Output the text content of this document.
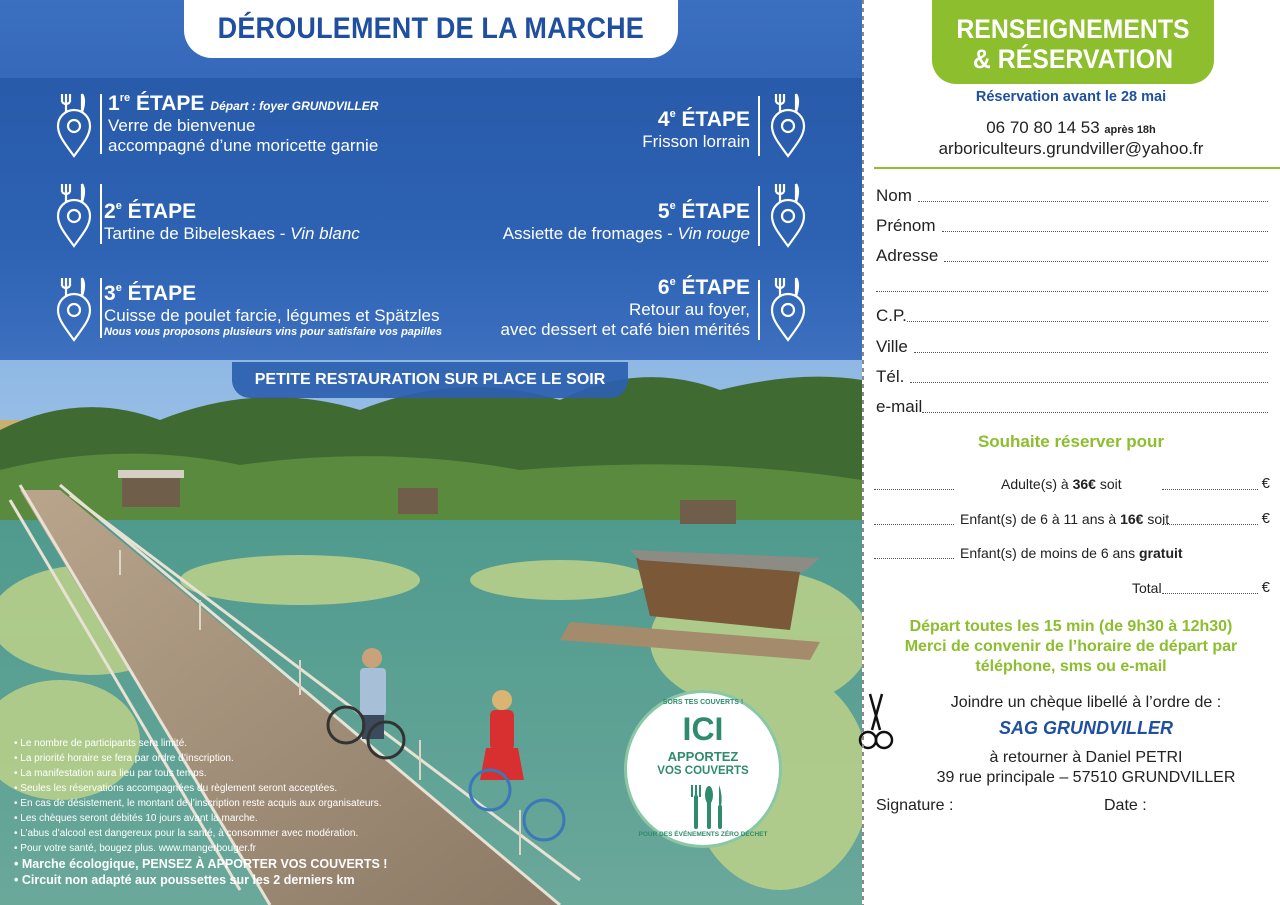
DÉROULEMENT DE LA MARCHE
1re ÉTAPE Départ : foyer GRUNDVILLER
Verre de bienvenue
accompagné d’une moricette garnie
2e ÉTAPE
Tartine de Bibeleskaes - Vin blanc
3e ÉTAPE
Cuisse de poulet farcie, légumes et Spätzles
Nous vous proposons plusieurs vins pour satisfaire vos papilles
4e ÉTAPE
Frisson lorrain
5e ÉTAPE
Assiette de fromages - Vin rouge
6e ÉTAPE
Retour au foyer,
avec dessert et café bien mérités
PETITE RESTAURATION SUR PLACE LE SOIR
• Le nombre de participants sera limité.
• La priorité horaire se fera par ordre d’inscription.
• La manifestation aura lieu par tous temps.
• Seules les réservations accompagnées du règlement seront acceptées.
• En cas de désistement, le montant de l’inscription reste acquis aux organisateurs.
• Les chèques seront débités 10 jours avant la marche.
• L’abus d’alcool est dangereux pour la santé, à consommer avec modération.
• Pour votre santé, bougez plus. www.mangerbouger.fr
• Marche écologique, PENSEZ À APPORTER VOS COUVERTS !
• Circuit non adapté aux poussettes sur les 2 derniers km
SORS TES COUVERTS !
ICI
APPORTEZ
VOS COUVERTS
POUR DES ÉVÉNEMENTS ZÉRO DÉCHET
RENSEIGNEMENTS
& RÉSERVATION
Réservation avant le 28 mai
06 70 80 14 53 après 18h
arboriculteurs.grundviller@yahoo.fr
Nom
Prénom
Adresse
C.P.
Ville
Tél.
e-mail
Souhaite réserver pour
Adulte(s) à 36€ soit	€
Enfant(s) de 6 à 11 ans à 16€ soit	€
Enfant(s) de moins de 6 ans gratuit
Total	€
Départ toutes les 15 min (de 9h30 à 12h30)
Merci de convenir de l’horaire de départ par
téléphone, sms ou e-mail
Joindre un chèque libellé à l’ordre de :
SAG GRUNDVILLER
à retourner à Daniel PETRI
39 rue principale – 57510 GRUNDVILLER
Signature :	Date :
